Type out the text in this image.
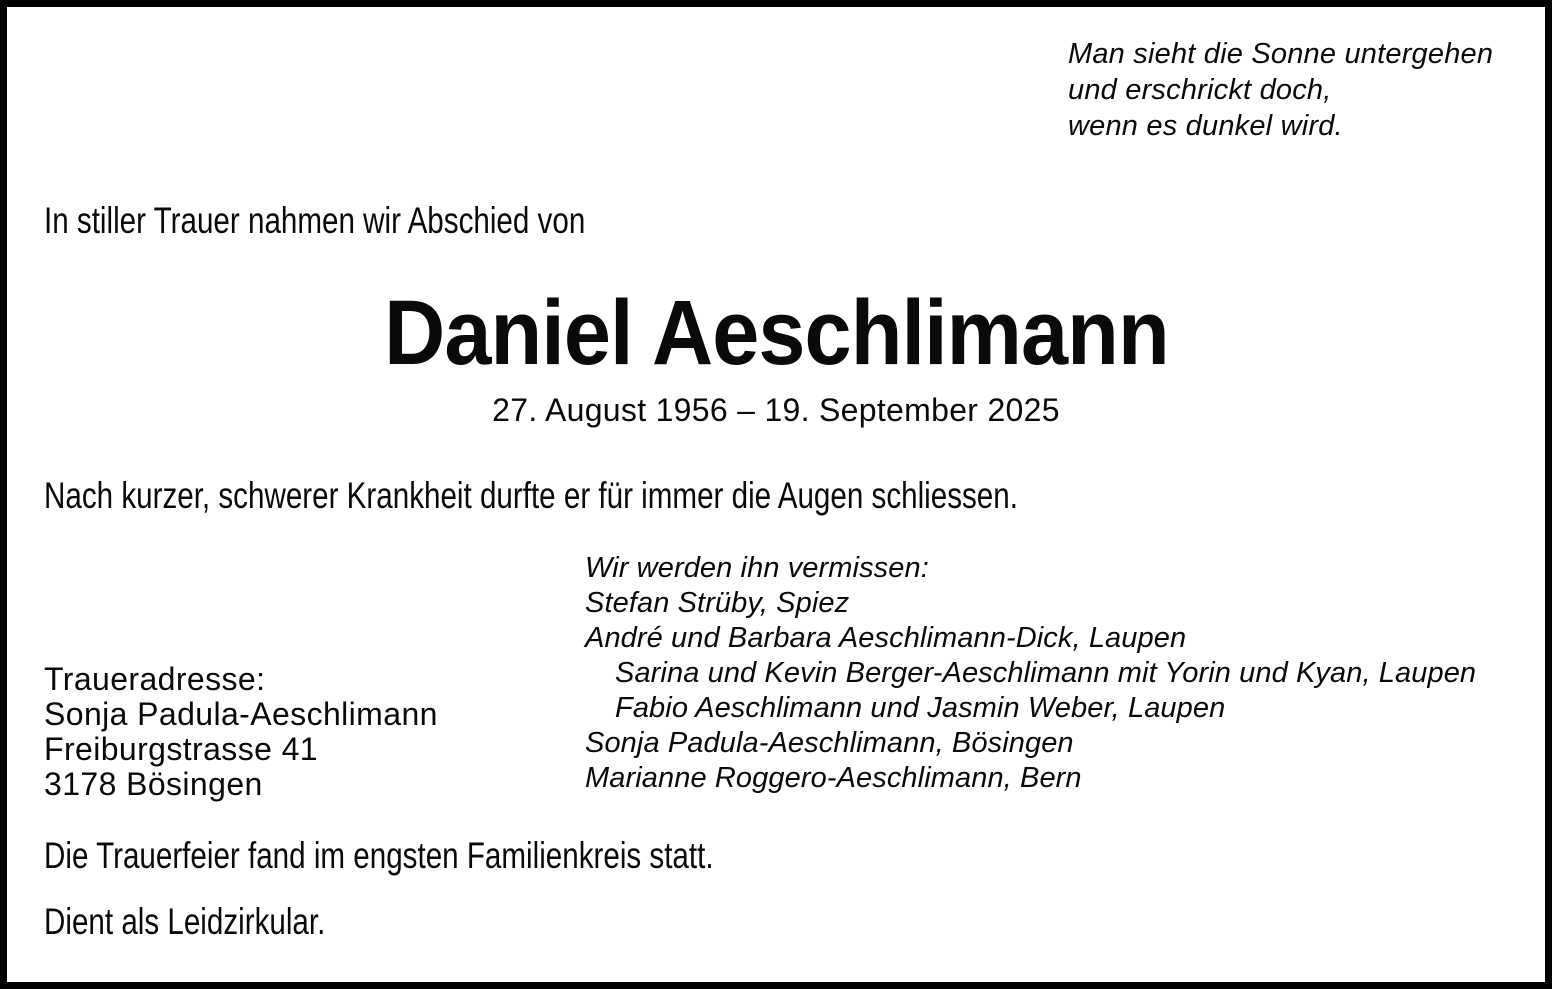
Man sieht die Sonne untergehen
und erschrickt doch,
wenn es dunkel wird.
In stiller Trauer nahmen wir Abschied von
Daniel Aeschlimann
27. August 1956 – 19. September 2025
Nach kurzer, schwerer Krankheit durfte er für immer die Augen schliessen.
Wir werden ihn vermissen:
Stefan Strüby, Spiez
André und Barbara Aeschlimann-Dick, Laupen
Sarina und Kevin Berger-Aeschlimann mit Yorin und Kyan, Laupen
Fabio Aeschlimann und Jasmin Weber, Laupen
Sonja Padula-Aeschlimann, Bösingen
Marianne Roggero-Aeschlimann, Bern
Traueradresse:
Sonja Padula-Aeschlimann
Freiburgstrasse 41
3178 Bösingen
Die Trauerfeier fand im engsten Familienkreis statt.
Dient als Leidzirkular.
